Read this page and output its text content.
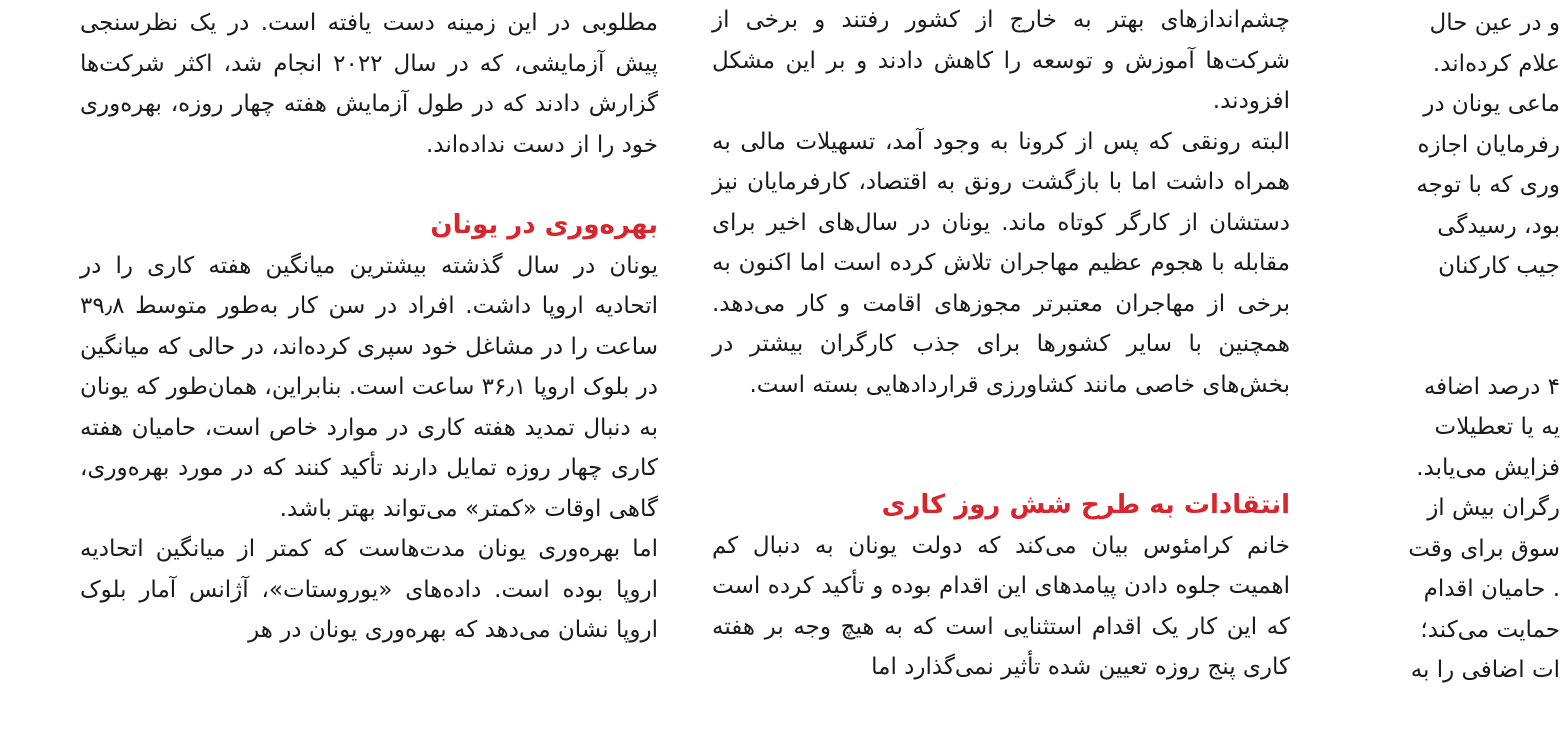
مطلوبی در این زمینه دست یافته است. در یک نظرسنجی پیش آزمایشی، که در سال ۲۰۲۲ انجام شد، اکثر شرکت‌ها گزارش دادند که در طول آزمایش هفته چهار روزه، بهره‌وری خود را از دست نداده‌اند.

بهره‌وری در یونان

یونان در سال گذشته بیشترین میانگین هفته کاری را در اتحادیه اروپا داشت. افراد در سن کار به‌طور متوسط ۳۹٫۸ ساعت را در مشاغل خود سپری کرده‌اند، در حالی که میانگین در بلوک اروپا ۳۶٫۱ ساعت است. بنابراین، همان‌طور که یونان به دنبال تمدید هفته کاری در موارد خاص است، حامیان هفته کاری چهار روزه تمایل دارند تأکید کنند که در مورد بهره‌وری، گاهی اوقات «کمتر» می‌تواند بهتر باشد.

اما بهره‌وری یونان مدت‌هاست که کمتر از میانگین اتحادیه اروپا بوده است. داده‌های «یوروستات»، آژانس آمار بلوک اروپا نشان می‌دهد که بهره‌وری یونان در هر

چشم‌اندازهای بهتر به خارج از کشور رفتند و برخی از شرکت‌ها آموزش و توسعه را کاهش دادند و بر این مشکل افزودند.

البته رونقی که پس از کرونا به وجود آمد، تسهیلات مالی به همراه داشت اما با بازگشت رونق به اقتصاد، کارفرمایان نیز دستشان از کارگر کوتاه ماند. یونان در سال‌های اخیر برای مقابله با هجوم عظیم مهاجران تلاش کرده است اما اکنون به برخی از مهاجران معتبرتر مجوزهای اقامت و کار می‌دهد. همچنین با سایر کشورها برای جذب کارگران بیشتر در بخش‌های خاصی مانند کشاورزی قراردادهایی بسته است.

انتقادات به طرح شش روز کاری

خانم کرامئوس بیان می‌کند که دولت یونان به دنبال کم اهمیت جلوه دادن پیامدهای این اقدام بوده و تأکید کرده است که این کار یک اقدام استثنایی است که به هیچ وجه بر هفته کاری پنج روزه تعیین شده تأثیر نمی‌گذارد اما

و در عین حال

علام کرده‌اند.

ماعی یونان در

رفرمایان اجازه

وری که با توجه

بود، رسیدگی

جیب کارکنان

۴ درصد اضافه

یه یا تعطیلات

فزایش می‌یابد.

رگران بیش از

سوق برای وقت

. حامیان اقدام

حمایت می‌کند؛

ات اضافی را به
